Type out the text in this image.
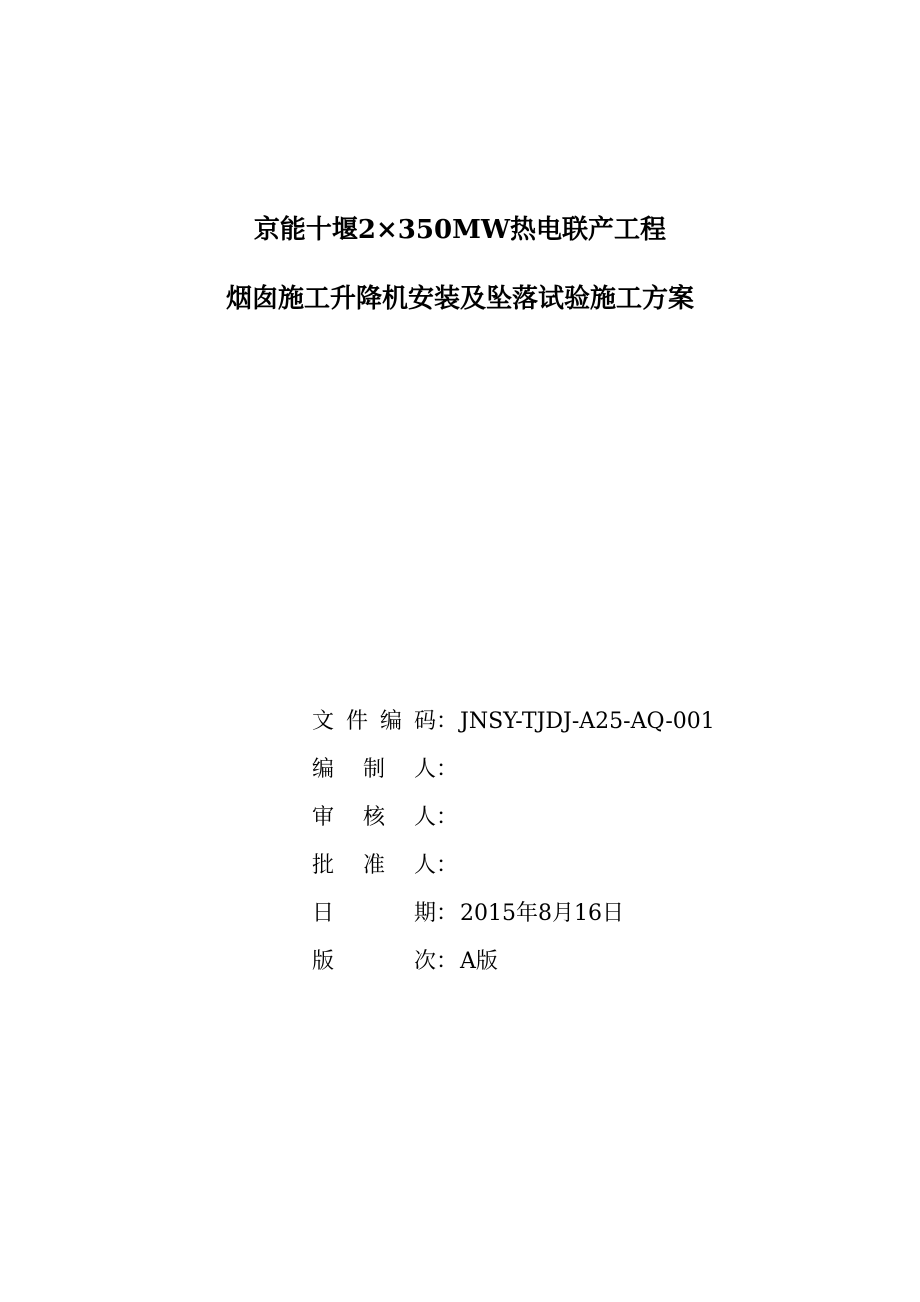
京能十堰2×350MW热电联产工程
烟囱施工升降机安装及坠落试验施工方案
文件编码 ： JNSY-TJDJ-A25-AQ-001
编制人 ：
审核人 ：
批准人 ：
日期 ： 2015年8月16日
版次 ： A版
